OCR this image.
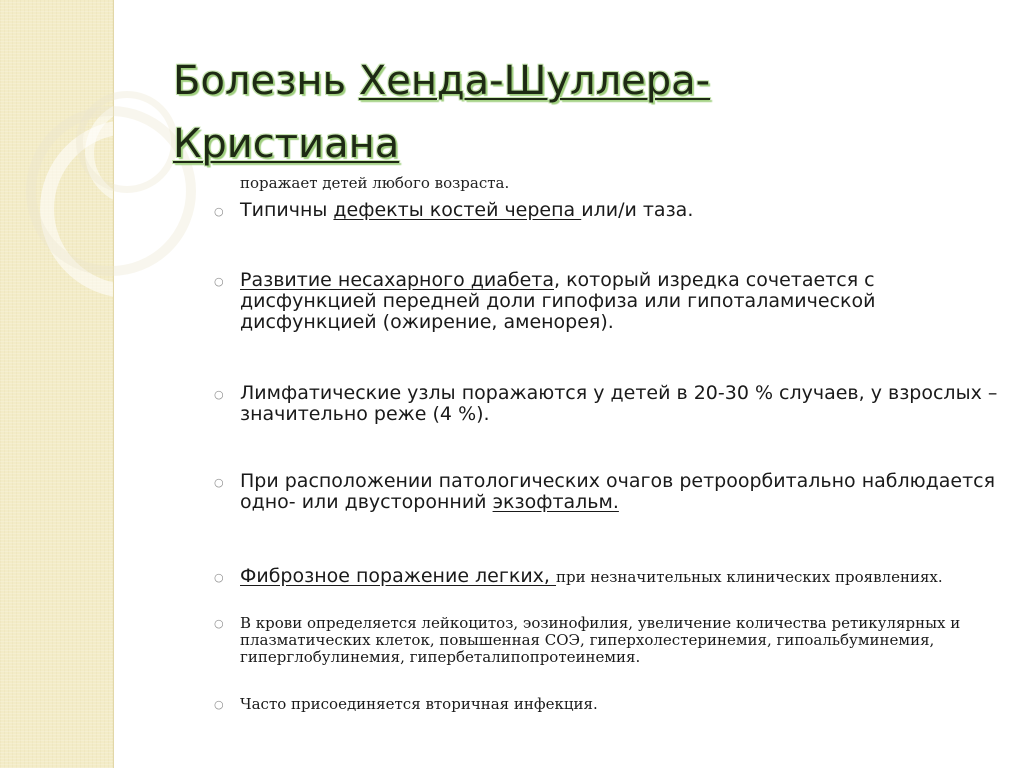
Болезнь Хенда-Шуллера-
Кристиана
поражает детей любого возраста.
○ Типичны дефекты костей черепа или/и таза.
○ Развитие несахарного диабета, который изредка сочетается с дисфункцией передней доли гипофиза или гипоталамической дисфункцией (ожирение, аменорея).
○ Лимфатические узлы поражаются у детей в 20-30 % случаев, у взрослых – значительно реже (4 %).
○ При расположении патологических очагов ретроорбитально наблюдается одно- или двусторонний экзофтальм.
○ Фиброзное поражение легких, при незначительных клинических проявлениях.
○ В крови определяется лейкоцитоз, эозинофилия, увеличение количества ретикулярных и плазматических клеток, повышенная СОЭ, гиперхолестеринемия, гипоальбуминемия, гиперглобулинемия, гипербеталипопротеинемия.
○ Часто присоединяется вторичная инфекция.
